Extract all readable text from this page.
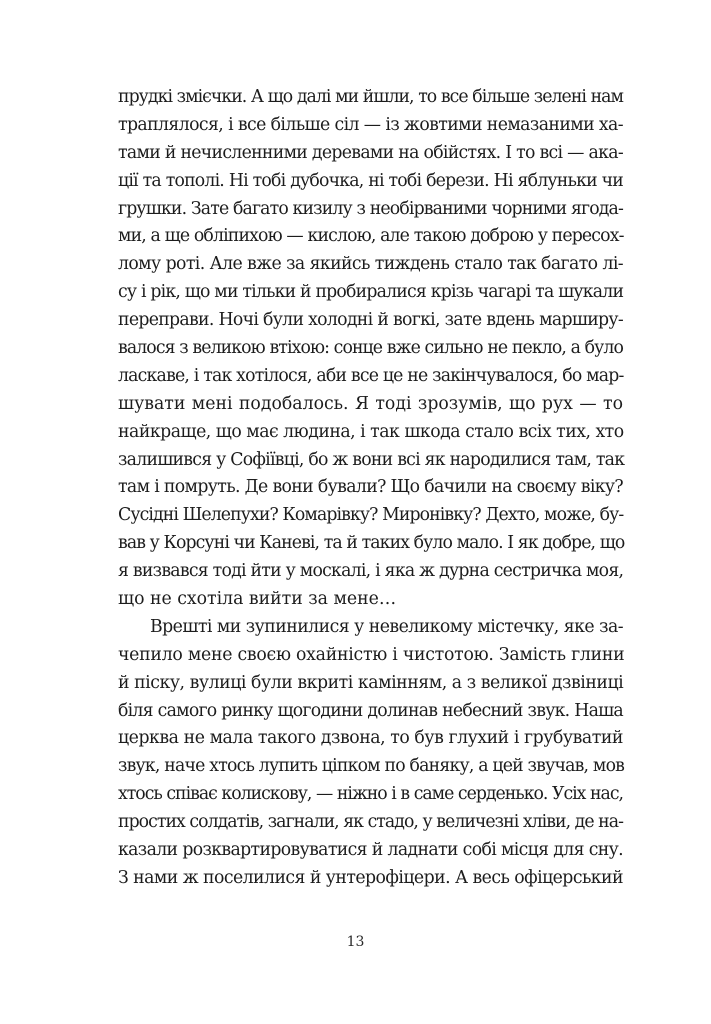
прудкі змієчки. А що далі ми йшли, то все більше зелені нам
траплялося, і все більше сіл — із жовтими немазаними ха-
тами й нечисленними деревами на обійстях. І то всі — ака-
ції та тополі. Ні тобі дубочка, ні тобі берези. Ні яблуньки чи
грушки. Зате багато кизилу з необірваними чорними ягода-
ми, а ще обліпихою — кислою, але такою доброю у пересох-
лому роті. Але вже за якийсь тиждень стало так багато лі-
су і рік, що ми тільки й пробиралися крізь чагарі та шукали
переправи. Ночі були холодні й вогкі, зате вдень марширу-
валося з великою втіхою: сонце вже сильно не пекло, а було
ласкаве, і так хотілося, аби все це не закінчувалося, бо мар-
шувати мені подобалось. Я тоді зрозумів, що рух — то
найкраще, що має людина, і так шкода стало всіх тих, хто
залишився у Софіївці, бо ж вони всі як народилися там, так
там і помруть. Де вони бували? Що бачили на своєму віку?
Сусідні Шелепухи? Комарівку? Миронівку? Дехто, може, бу-
вав у Корсуні чи Каневі, та й таких було мало. І як добре, що
я визвався тоді йти у москалі, і яка ж дурна сестричка моя,
що не схотіла вийти за мене…
Врешті ми зупинилися у невеликому містечку, яке за-
чепило мене своєю охайністю і чистотою. Замість глини
й піску, вулиці були вкриті камінням, а з великої дзвіниці
біля самого ринку щогодини долинав небесний звук. Наша
церква не мала такого дзвона, то був глухий і грубуватий
звук, наче хтось лупить ціпком по баняку, а цей звучав, мов
хтось співає колискову, — ніжно і в саме серденько. Усіх нас,
простих солдатів, загнали, як стадо, у величезні хліви, де на-
казали розквартировуватися й ладнати собі місця для сну.
З нами ж поселилися й унтерофіцери. А весь офіцерський
13
